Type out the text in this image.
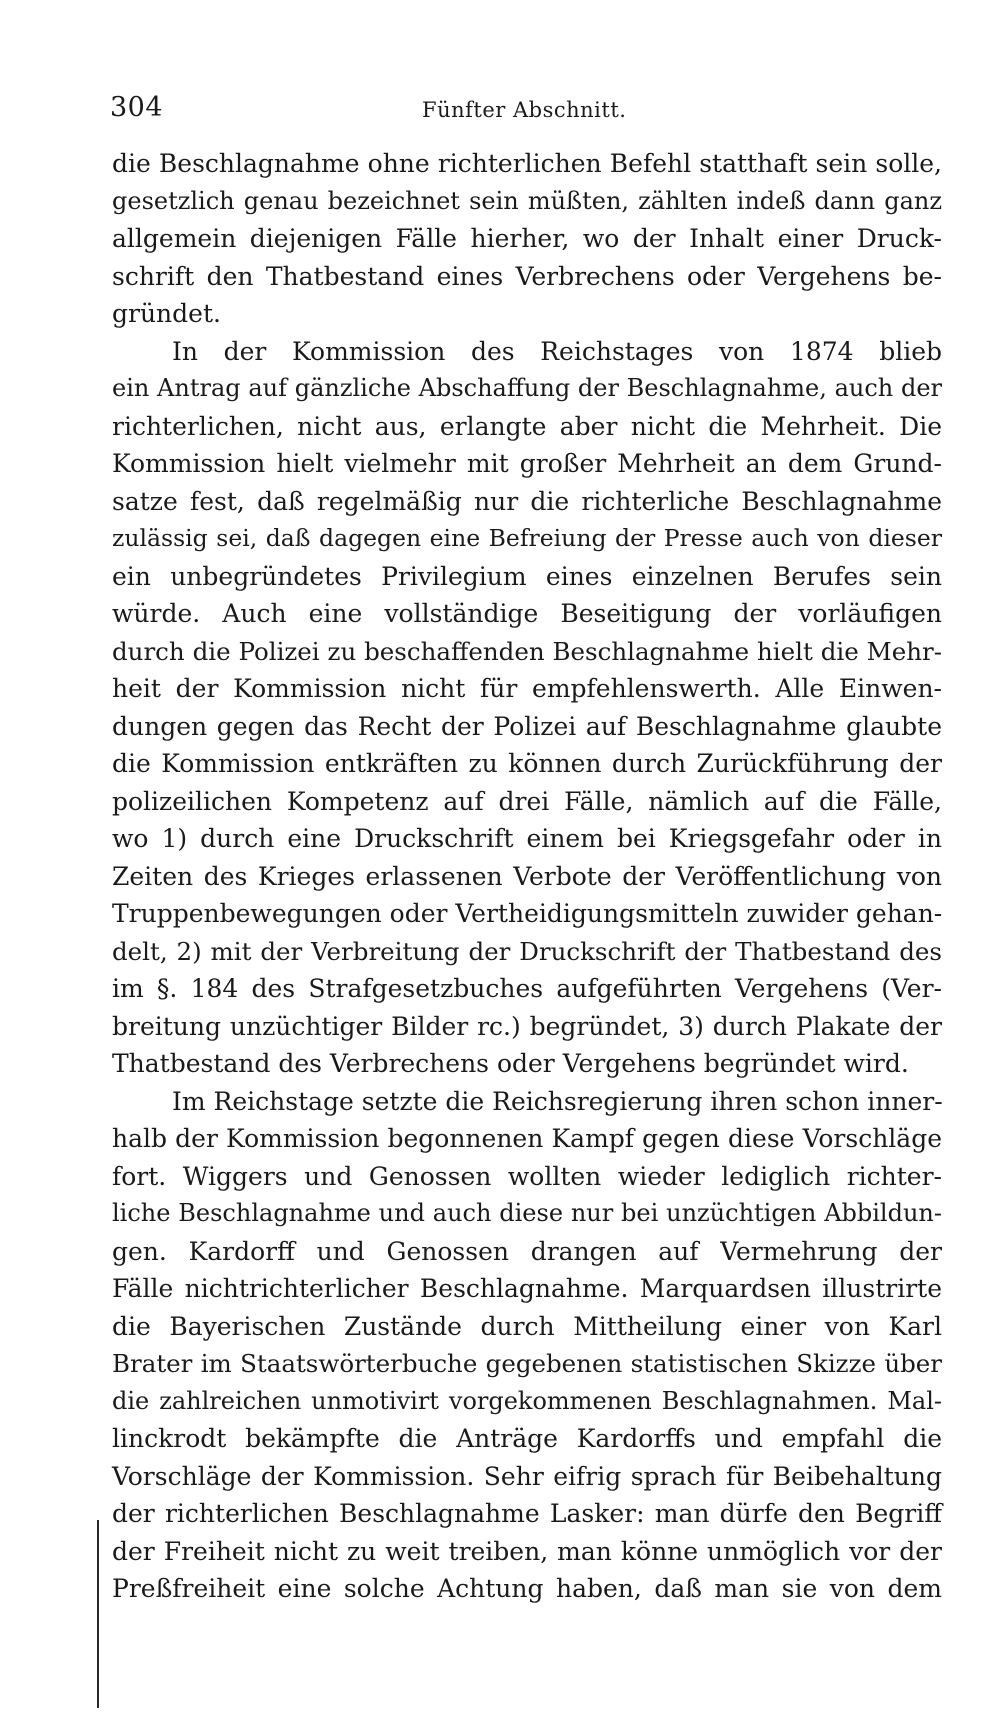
304	Fünfter Abschnitt.
die Beschlagnahme ohne richterlichen Befehl statthaft sein solle,
gesetzlich genau bezeichnet sein müßten, zählten indeß dann ganz
allgemein diejenigen Fälle hierher, wo der Inhalt einer Druck-
schrift den Thatbestand eines Verbrechens oder Vergehens be-
gründet.
In der Kommission des Reichstages von 1874 blieb
ein Antrag auf gänzliche Abschaffung der Beschlagnahme, auch der
richterlichen, nicht aus, erlangte aber nicht die Mehrheit. Die
Kommission hielt vielmehr mit großer Mehrheit an dem Grund-
satze fest, daß regelmäßig nur die richterliche Beschlagnahme
zulässig sei, daß dagegen eine Befreiung der Presse auch von dieser
ein unbegründetes Privilegium eines einzelnen Berufes sein
würde. Auch eine vollständige Beseitigung der vorläufigen
durch die Polizei zu beschaffenden Beschlagnahme hielt die Mehr-
heit der Kommission nicht für empfehlenswerth. Alle Einwen-
dungen gegen das Recht der Polizei auf Beschlagnahme glaubte
die Kommission entkräften zu können durch Zurückführung der
polizeilichen Kompetenz auf drei Fälle, nämlich auf die Fälle,
wo 1) durch eine Druckschrift einem bei Kriegsgefahr oder in
Zeiten des Krieges erlassenen Verbote der Veröffentlichung von
Truppenbewegungen oder Vertheidigungsmitteln zuwider gehan-
delt, 2) mit der Verbreitung der Druckschrift der Thatbestand des
im §. 184 des Strafgesetzbuches aufgeführten Vergehens (Ver-
breitung unzüchtiger Bilder rc.) begründet, 3) durch Plakate der
Thatbestand des Verbrechens oder Vergehens begründet wird.
Im Reichstage setzte die Reichsregierung ihren schon inner-
halb der Kommission begonnenen Kampf gegen diese Vorschläge
fort. Wiggers und Genossen wollten wieder lediglich richter-
liche Beschlagnahme und auch diese nur bei unzüchtigen Abbildun-
gen. Kardorff und Genossen drangen auf Vermehrung der
Fälle nichtrichterlicher Beschlagnahme. Marquardsen illustrirte
die Bayerischen Zustände durch Mittheilung einer von Karl
Brater im Staatswörterbuche gegebenen statistischen Skizze über
die zahlreichen unmotivirt vorgekommenen Beschlagnahmen. Mal-
linckrodt bekämpfte die Anträge Kardorffs und empfahl die
Vorschläge der Kommission. Sehr eifrig sprach für Beibehaltung
der richterlichen Beschlagnahme Lasker: man dürfe den Begriff
der Freiheit nicht zu weit treiben, man könne unmöglich vor der
Preßfreiheit eine solche Achtung haben, daß man sie von dem
